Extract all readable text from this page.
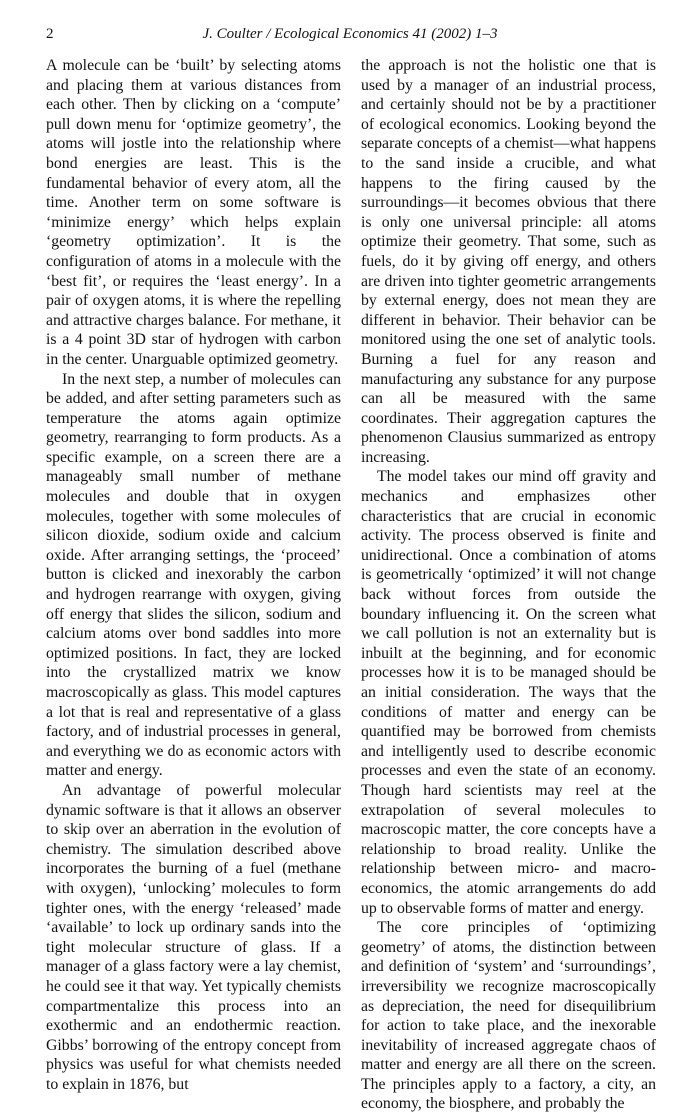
2	J. Coulter / Ecological Economics 41 (2002) 1–3

A molecule can be ‘built’ by selecting atoms and placing them at various distances from each other. Then by clicking on a ‘compute’ pull down menu for ‘optimize geometry’, the atoms will jostle into the relationship where bond energies are least. This is the fundamental behavior of every atom, all the time. Another term on some software is ‘minimize energy’ which helps explain ‘geometry optimization’. It is the configuration of atoms in a molecule with the ‘best fit’, or requires the ‘least energy’. In a pair of oxygen atoms, it is where the repelling and attractive charges balance. For methane, it is a 4 point 3D star of hydrogen with carbon in the center. Unarguable optimized geometry.

In the next step, a number of molecules can be added, and after setting parameters such as temperature the atoms again optimize geometry, rearranging to form products. As a specific example, on a screen there are a manageably small number of methane molecules and double that in oxygen molecules, together with some molecules of silicon dioxide, sodium oxide and calcium oxide. After arranging settings, the ‘proceed’ button is clicked and inexorably the carbon and hydrogen rearrange with oxygen, giving off energy that slides the silicon, sodium and calcium atoms over bond saddles into more optimized positions. In fact, they are locked into the crystallized matrix we know macroscopically as glass. This model captures a lot that is real and representative of a glass factory, and of industrial processes in general, and everything we do as economic actors with matter and energy.

An advantage of powerful molecular dynamic software is that it allows an observer to skip over an aberration in the evolution of chemistry. The simulation described above incorporates the burning of a fuel (methane with oxygen), ‘unlocking’ molecules to form tighter ones, with the energy ‘released’ made ‘available’ to lock up ordinary sands into the tight molecular structure of glass. If a manager of a glass factory were a lay chemist, he could see it that way. Yet typically chemists compartmentalize this process into an exothermic and an endothermic reaction. Gibbs’ borrowing of the entropy concept from physics was useful for what chemists needed to explain in 1876, but

the approach is not the holistic one that is used by a manager of an industrial process, and certainly should not be by a practitioner of ecological economics. Looking beyond the separate concepts of a chemist—what happens to the sand inside a crucible, and what happens to the firing caused by the surroundings—it becomes obvious that there is only one universal principle: all atoms optimize their geometry. That some, such as fuels, do it by giving off energy, and others are driven into tighter geometric arrangements by external energy, does not mean they are different in behavior. Their behavior can be monitored using the one set of analytic tools. Burning a fuel for any reason and manufacturing any substance for any purpose can all be measured with the same coordinates. Their aggregation captures the phenomenon Clausius summarized as entropy increasing.

The model takes our mind off gravity and mechanics and emphasizes other characteristics that are crucial in economic activity. The process observed is finite and unidirectional. Once a combination of atoms is geometrically ‘optimized’ it will not change back without forces from outside the boundary influencing it. On the screen what we call pollution is not an externality but is inbuilt at the beginning, and for economic processes how it is to be managed should be an initial consideration. The ways that the conditions of matter and energy can be quantified may be borrowed from chemists and intelligently used to describe economic processes and even the state of an economy. Though hard scientists may reel at the extrapolation of several molecules to macroscopic matter, the core concepts have a relationship to broad reality. Unlike the relationship between micro- and macro-economics, the atomic arrangements do add up to observable forms of matter and energy.

The core principles of ‘optimizing geometry’ of atoms, the distinction between and definition of ‘system’ and ‘surroundings’, irreversibility we recognize macroscopically as depreciation, the need for disequilibrium for action to take place, and the inexorable inevitability of increased aggregate chaos of matter and energy are all there on the screen. The principles apply to a factory, a city, an economy, the biosphere, and probably the
